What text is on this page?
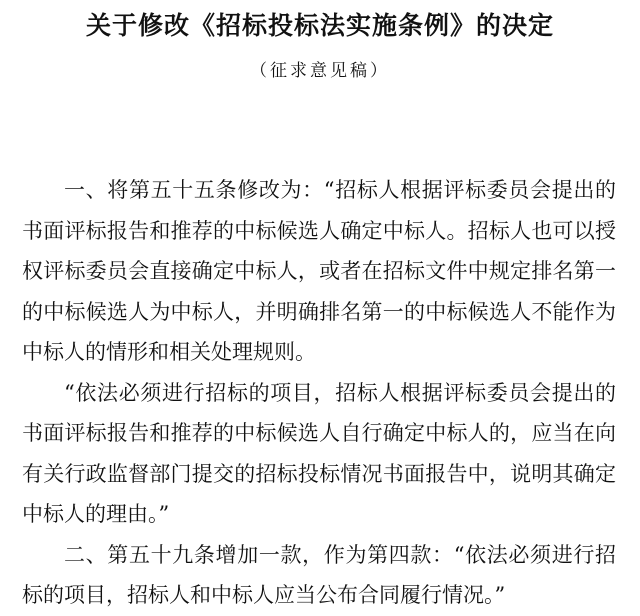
关于修改《招标投标法实施条例》的决定

（征求意见稿）

一、将第五十五条修改为：“招标人根据评标委员会提出的书面评标报告和推荐的中标候选人确定中标人。招标人也可以授权评标委员会直接确定中标人，或者在招标文件中规定排名第一的中标候选人为中标人，并明确排名第一的中标候选人不能作为中标人的情形和相关处理规则。

“依法必须进行招标的项目，招标人根据评标委员会提出的书面评标报告和推荐的中标候选人自行确定中标人的，应当在向有关行政监督部门提交的招标投标情况书面报告中，说明其确定中标人的理由。”

二、第五十九条增加一款，作为第四款：“依法必须进行招标的项目，招标人和中标人应当公布合同履行情况。”
